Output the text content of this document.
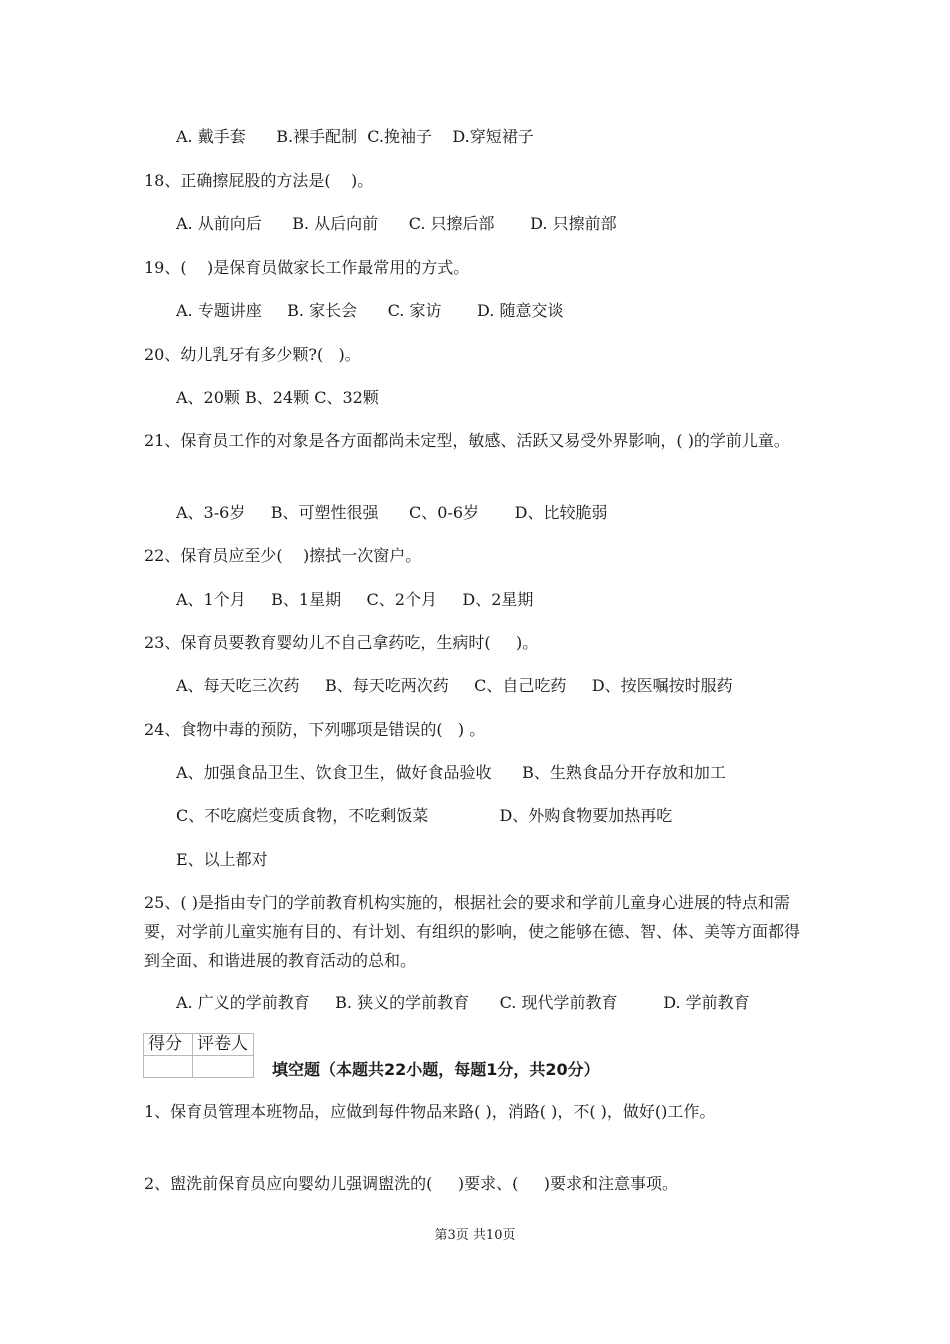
A. 戴手套      B.裸手配制  C.挽袖子    D.穿短裙子
18、正确擦屁股的方法是(    )。
A. 从前向后      B. 从后向前      C. 只擦后部       D. 只擦前部
19、(    )是保育员做家长工作最常用的方式。
A. 专题讲座     B. 家长会      C. 家访       D. 随意交谈
20、幼儿乳牙有多少颗?(   )。
A、20颗 B、24颗 C、32颗
21、保育员工作的对象是各方面都尚未定型，敏感、活跃又易受外界影响，( )的学前儿童。
A、3-6岁     B、可塑性很强      C、0-6岁       D、比较脆弱
22、保育员应至少(    )擦拭一次窗户。
A、1个月     B、1星期     C、2个月     D、2星期
23、保育员要教育婴幼儿不自己拿药吃，生病时(     )。
A、每天吃三次药     B、每天吃两次药     C、自己吃药     D、按医嘱按时服药
24、食物中毒的预防，下列哪项是错误的(   ) 。
A、加强食品卫生、饮食卫生，做好食品验收      B、生熟食品分开存放和加工
C、不吃腐烂变质食物，不吃剩饭菜              D、外购食物要加热再吃
E、以上都对
25、( )是指由专门的学前教育机构实施的，根据社会的要求和学前儿童身心进展的特点和需要，对学前儿童实施有目的、有计划、有组织的影响，使之能够在德、智、体、美等方面都得到全面、和谐进展的教育活动的总和。
A. 广义的学前教育     B. 狭义的学前教育      C. 现代学前教育         D. 学前教育
得分	评卷人

填空题（本题共22小题，每题1分，共20分）
1、保育员管理本班物品，应做到每件物品来路( )，消路( )，不( )，做好()工作。
2、盥洗前保育员应向婴幼儿强调盥洗的(     )要求、(     )要求和注意事项。
第3页 共10页
